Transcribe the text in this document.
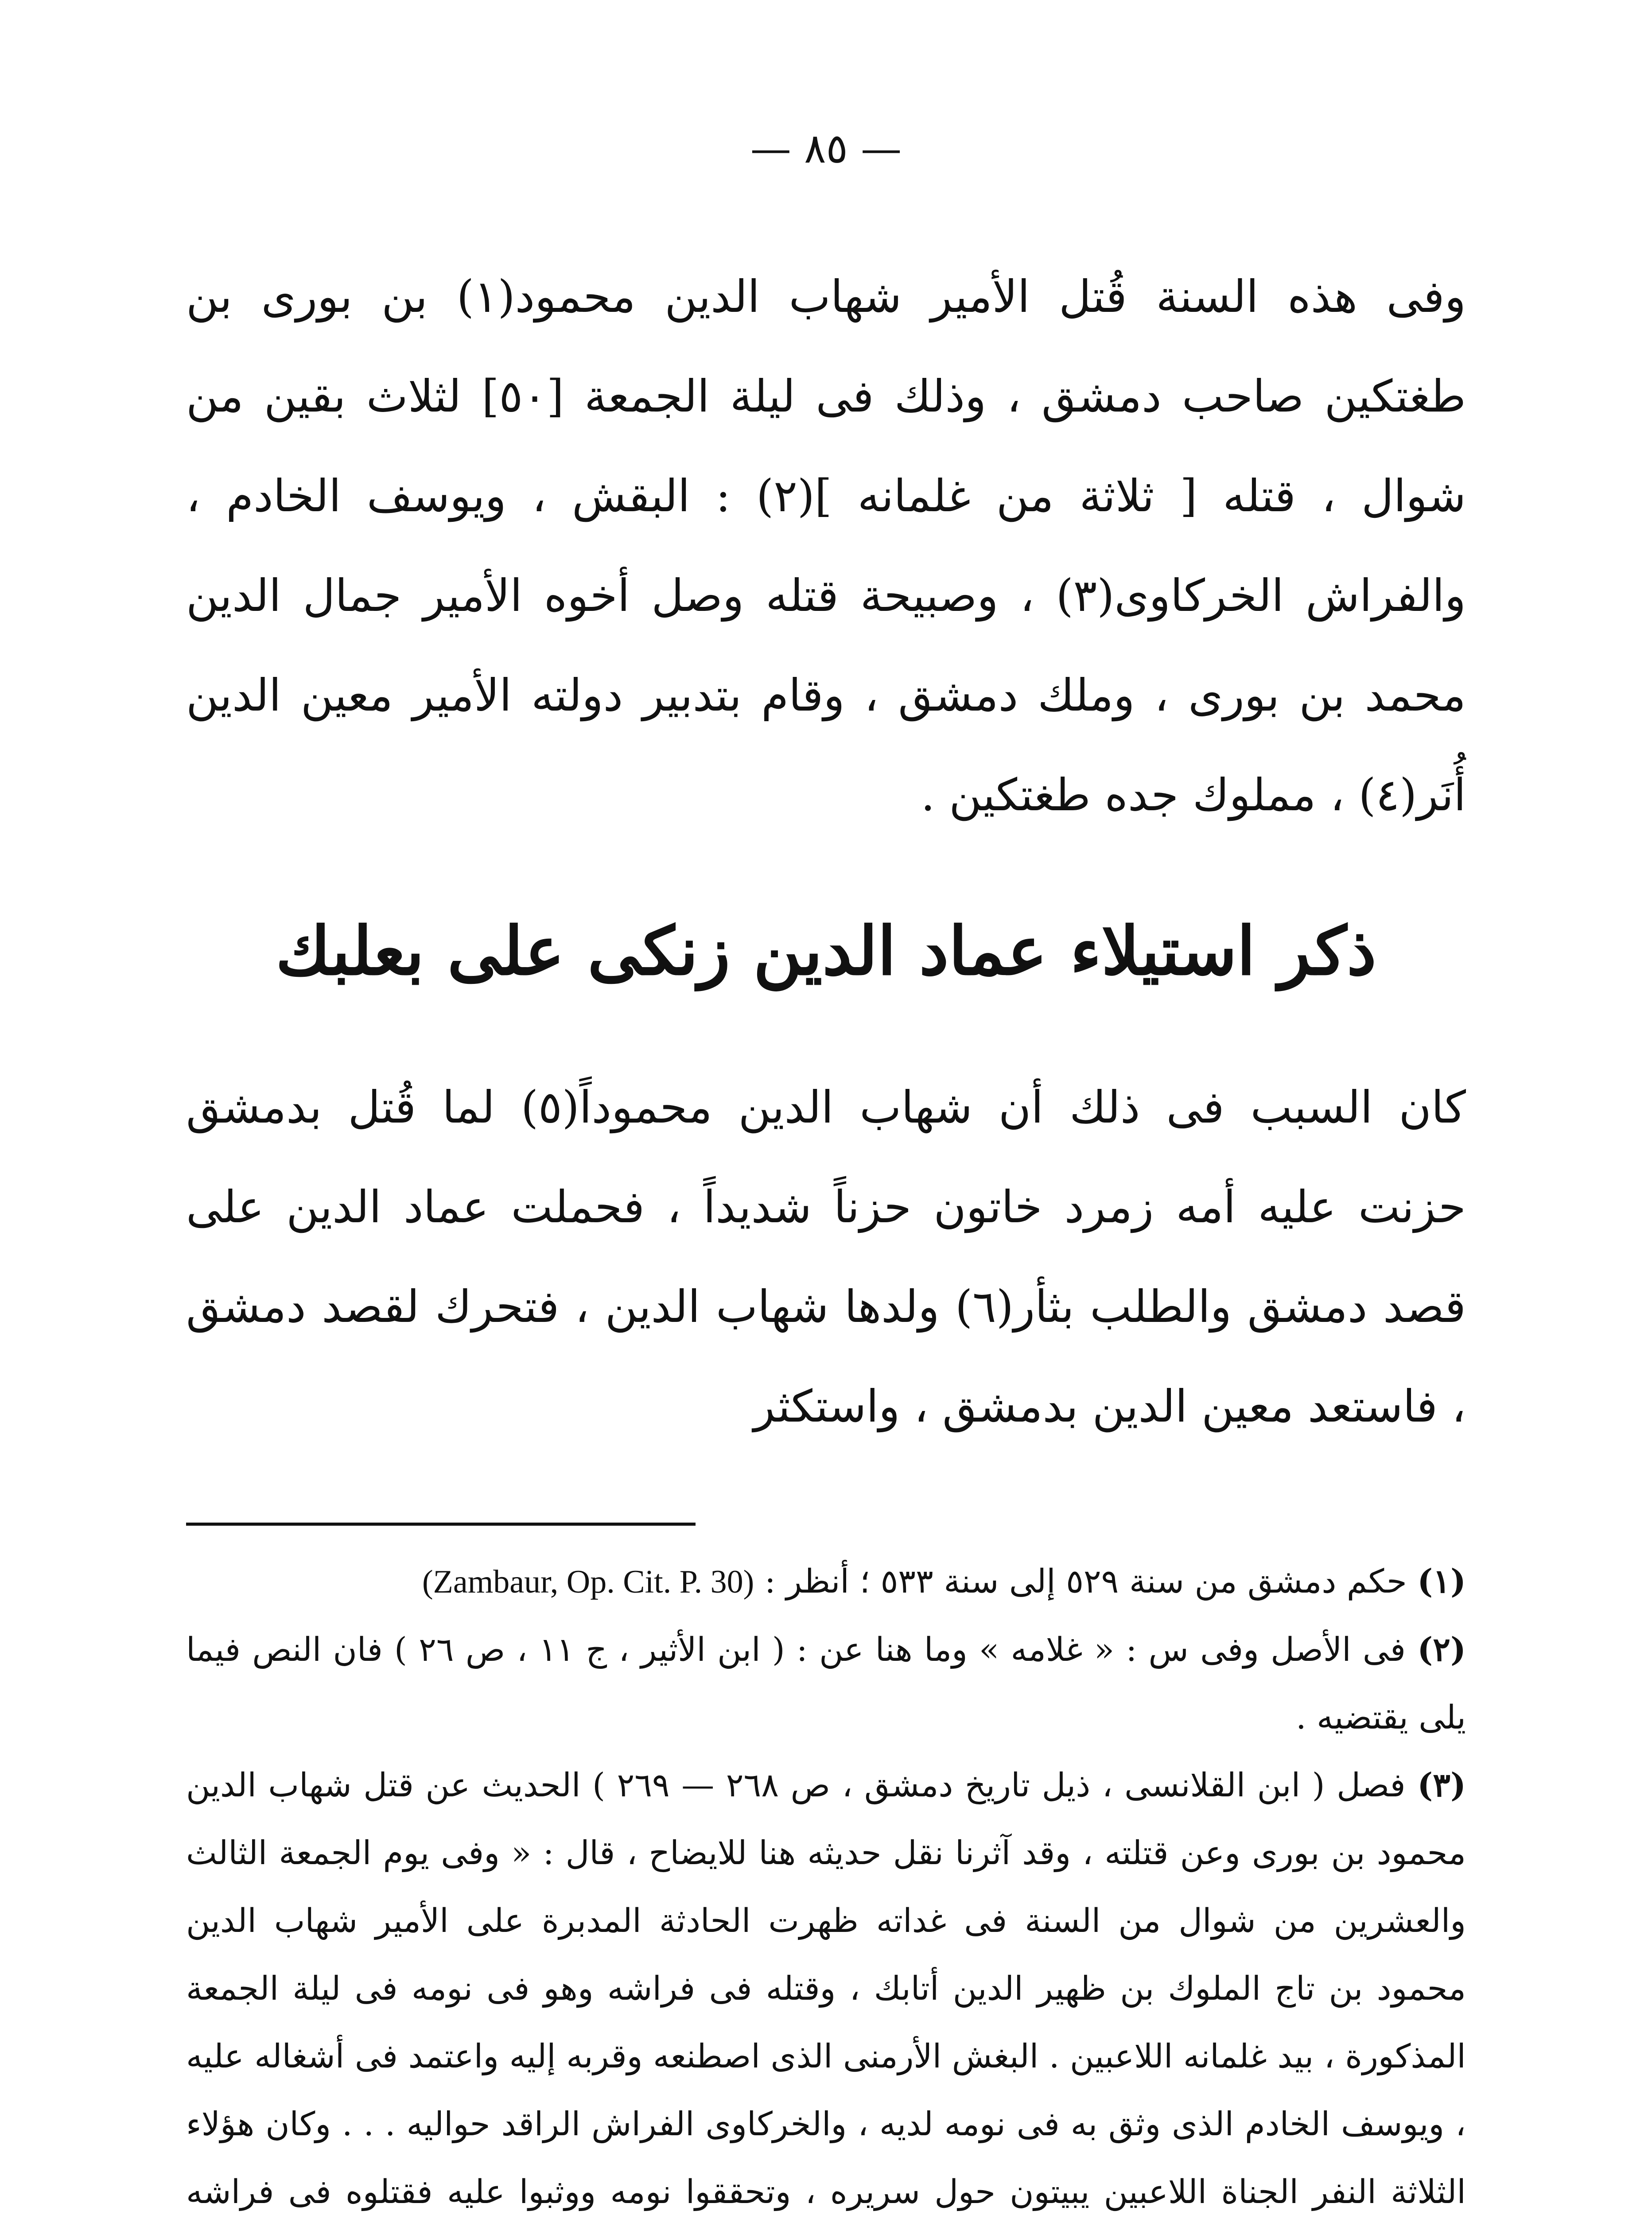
— ٨٥ —

وفى هذه السنة قُتل الأمير شهاب الدين محمود(١) بن بورى بن طغتكين صاحب دمشق ، وذلك فى ليلة الجمعة [٥٠] لثلاث بقين من شوال ، قتله [ ثلاثة من غلمانه ](٢) : البقش ، ويوسف الخادم ، والفراش الخركاوى(٣) ، وصبيحة قتله وصل أخوه الأمير جمال الدين محمد بن بورى ، وملك دمشق ، وقام بتدبير دولته الأمير معين الدين أُنَر(٤) ، مملوك جده طغتكين .

ذكر استيلاء عماد الدين زنكى على بعلبك

كان السبب فى ذلك أن شهاب الدين محموداً(٥) لما قُتل بدمشق حزنت عليه أمه زمرد خاتون حزناً شديداً ، فحملت عماد الدين على قصد دمشق والطلب بثأر(٦) ولدها شهاب الدين ، فتحرك لقصد دمشق ، فاستعد معين الدين بدمشق ، واستكثر

(١) حكم دمشق من سنة ٥٢٩ إلى سنة ٥٣٣ ؛ أنظر : (Zambaur, Op. Cit. P. 30)

(٢) فى الأصل وفى س : « غلامه » وما هنا عن : ( ابن الأثير ، ج ١١ ، ص ٢٦ ) فان النص فيما يلى يقتضيه .

(٣) فصل ( ابن القلانسى ، ذيل تاريخ دمشق ، ص ٢٦٨ — ٢٦٩ ) الحديث عن قتل شهاب الدين محمود بن بورى وعن قتلته ، وقد آثرنا نقل حديثه هنا للايضاح ، قال : « وفى يوم الجمعة الثالث والعشرين من شوال من السنة فى غداته ظهرت الحادثة المدبرة على الأمير شهاب الدين محمود بن تاج الملوك بن ظهير الدين أتابك ، وقتله فى فراشه وهو فى نومه فى ليلة الجمعة المذكورة ، بيد غلمانه اللاعبين . البغش الأرمنى الذى اصطنعه وقربه إليه واعتمد فى أشغاله عليه ، ويوسف الخادم الذى وثق به فى نومه لديه ، والخركاوى الفراش الراقد حواليه . . . وكان هؤلاء الثلاثة النفر الجناة اللاعبين يبيتون حول سريره ، وتحققوا نومه ووثبوا عليه فقتلوه فى فراشه
